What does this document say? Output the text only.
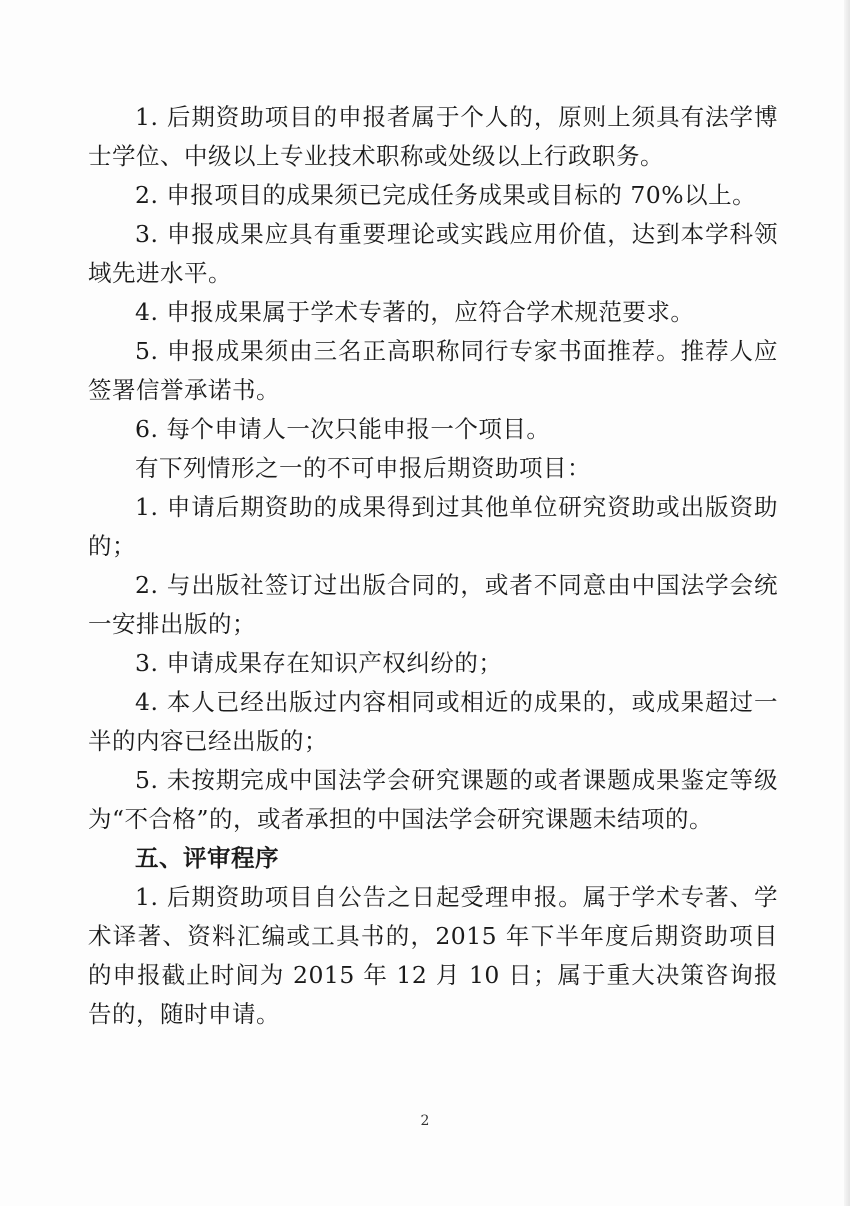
1. 后期资助项目的申报者属于个人的，原则上须具有法学博士学位、中级以上专业技术职称或处级以上行政职务。

2. 申报项目的成果须已完成任务成果或目标的 70%以上。

3. 申报成果应具有重要理论或实践应用价值，达到本学科领域先进水平。

4. 申报成果属于学术专著的，应符合学术规范要求。

5. 申报成果须由三名正高职称同行专家书面推荐。推荐人应签署信誉承诺书。

6. 每个申请人一次只能申报一个项目。

有下列情形之一的不可申报后期资助项目：

1. 申请后期资助的成果得到过其他单位研究资助或出版资助的；

2. 与出版社签订过出版合同的，或者不同意由中国法学会统一安排出版的；

3. 申请成果存在知识产权纠纷的；

4. 本人已经出版过内容相同或相近的成果的，或成果超过一半的内容已经出版的；

5. 未按期完成中国法学会研究课题的或者课题成果鉴定等级为“不合格”的，或者承担的中国法学会研究课题未结项的。

五、评审程序

1. 后期资助项目自公告之日起受理申报。属于学术专著、学术译著、资料汇编或工具书的，2015 年下半年度后期资助项目的申报截止时间为 2015 年 12 月 10 日；属于重大决策咨询报告的，随时申请。

2
